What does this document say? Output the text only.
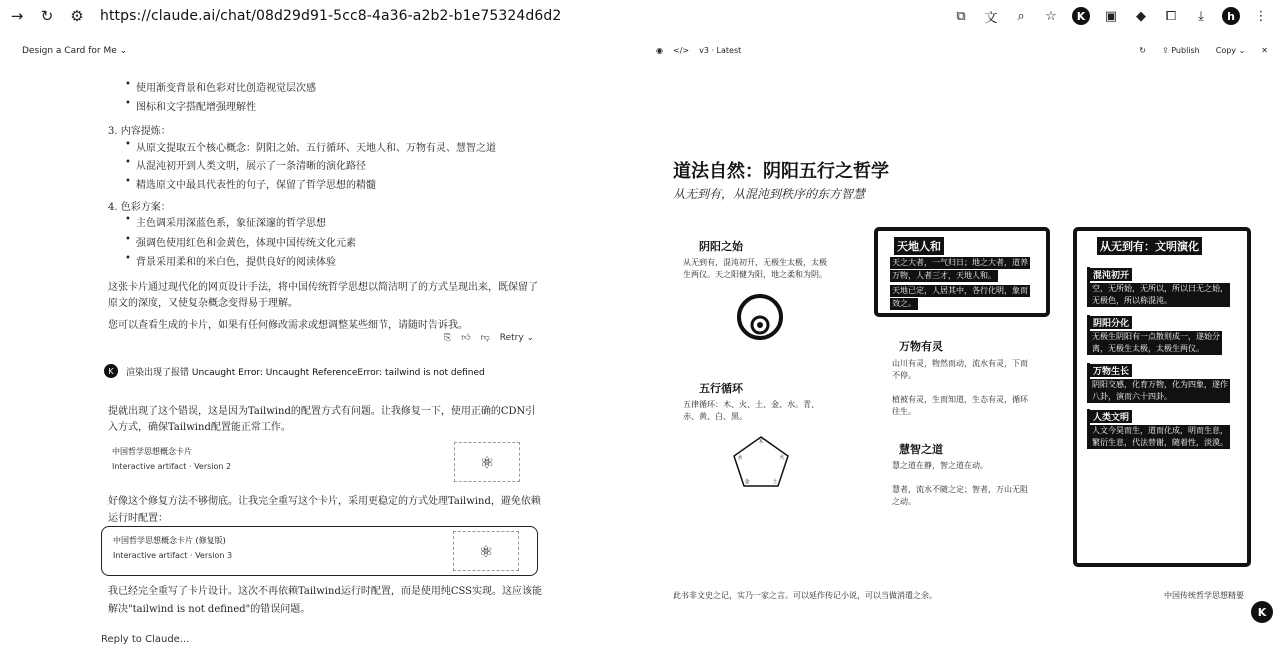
→	↻	⚙	https://claude.ai/chat/08d29d91-5cc8-4a36-a2b2-b1e75324d6d2	⧉	文	⌕	☆	K	▣	◆	⧠	⤓	h	⋮
Design a Card for Me ⌄
• 使用渐变背景和色彩对比创造视觉层次感
• 图标和文字搭配增强理解性
3. 内容提炼：
• 从原文提取五个核心概念：阴阳之始、五行循环、天地人和、万物有灵、慧智之道
• 从混沌初开到人类文明，展示了一条清晰的演化路径
• 精选原文中最具代表性的句子，保留了哲学思想的精髓
4. 色彩方案：
• 主色调采用深蓝色系，象征深邃的哲学思想
• 强调色使用红色和金黄色，体现中国传统文化元素
• 背景采用柔和的米白色，提供良好的阅读体验
这张卡片通过现代化的网页设计手法，将中国传统哲学思想以简洁明了的方式呈现出来，既保留了
原文的深度，又使复杂概念变得易于理解。
您可以查看生成的卡片，如果有任何修改需求或想调整某些细节，请随时告诉我。
⎘ 👍︎ 👎︎ Retry ⌄
K	渲染出现了报错 Uncaught Error: Uncaught ReferenceError: tailwind is not defined
提就出现了这个错误，这是因为Tailwind的配置方式有问题。让我修复一下，使用正确的CDN引
入方式，确保Tailwind配置能正常工作。
中国哲学思想概念卡片
Interactive artifact · Version 2	⚛
好像这个修复方法不够彻底。让我完全重写这个卡片，采用更稳定的方式处理Tailwind，避免依赖
运行时配置：
中国哲学思想概念卡片 (修复版)
Interactive artifact · Version 3	⚛
我已经完全重写了卡片设计。这次不再依赖Tailwind运行时配置，而是使用纯CSS实现。这应该能
解决"tailwind is not defined"的错误问题。
Reply to Claude...
◉ </> v3 · Latest	↻ ⇪ Publish Copy ⌄ ✕
道法自然：阴阳五行之哲学
从无到有，从混沌到秩序的东方智慧
阴阳之始
从无到有，混沌初开，无极生太极，太极
生两仪。天之阳健为阳，地之柔和为阴。
五行循环
五律循环：木、火、土、金、水。青、
赤、黄、白、黑。
木
火
土
金
水
天地人和
天之大者，一气归日；地之大者，道养
万物，人者三才，天地人和。
天地已定，人居其中，各行化明，象而
效之。
万物有灵
山川有灵，物然而动，流水有灵，下而
不停。

植被有灵，生而知道，生态有灵，循环
往生。
慧智之道
慧之道在静，智之道在动。

慧者，流水不随之定；智者，万山无阻
之动。
从无到有：文明演化
混沌初开
空，无所始，无所以，所以曰无之始，
无极色，所以称混沌。
阴阳分化
无极生阴阳有一点散则成一，遂始分
离，无极生太极，太极生两仪。
万物生长
阴阳交感，化育万物，化为四象，遂作
八卦，演而六十四卦。
人类文明
人文今昊而生，道而化成，明而生息，
繁衍生息，代法替谢，随着性，淡漠。
此书非文史之记，实乃一家之言。可以延作传记小说，可以当做消遣之余。	中国传统哲学思想精要
K
